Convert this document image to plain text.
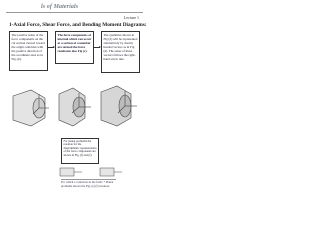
ls of Materials
Lecture 1
1-Axial Force, Shear Force, and Bending Moment Diagrams:
The positive sense of the force components on the cut section viewed toward the origin coincides with the positive direction of the coordinate axes as in Fig. (b).
The force components of internal which can occur at a section of a member are termed the force resultants also Fig (c).
The quantities shown in Fig (d) will be represented alternatively by doubly headed vectors as in Fig (d). The sense of these vectors follows the right-hand screw rule.
For planar problems the notation for the diagrammatic representation of the force components are shown in Fig. (f) and (f).
For which a collection in the form: * Planar problems shown the Fig. (e) (f) notation.
